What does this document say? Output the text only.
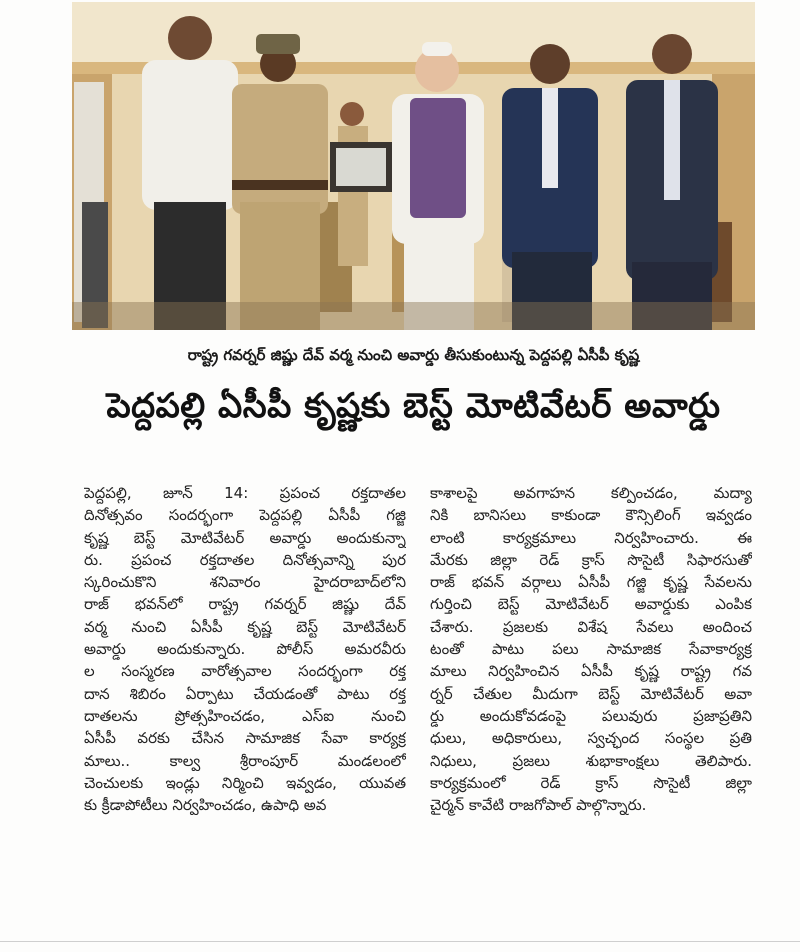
రాష్ట్ర గవర్నర్ జిష్ణు దేవ్ వర్మ నుంచి అవార్డు తీసుకుంటున్న పెద్దపల్లి ఏసీపీ కృష్ణ
పెద్దపల్లి ఏసీపీ కృష్ణకు బెస్ట్ మోటివేటర్ అవార్డు
పెద్దపల్లి, జూన్ 14: ప్రపంచ రక్తదాతల
దినోత్సవం సందర్భంగా పెద్దపల్లి ఏసీపీ గజ్జి
కృష్ణ బెస్ట్ మోటివేటర్ అవార్డు అందుకున్నా
రు. ప్రపంచ రక్తదాతల దినోత్సవాన్ని పుర
స్కరించుకొని శనివారం హైదరాబాద్‌లోని
రాజ్ భవన్‌లో రాష్ట్ర గవర్నర్ జిష్ణు దేవ్
వర్మ నుంచి ఏసీపీ కృష్ణ బెస్ట్ మోటివేటర్
అవార్డు అందుకున్నారు. పోలీస్ అమరవీరు
ల సంస్మరణ వారోత్సవాల సందర్భంగా రక్త
దాన శిబిరం ఏర్పాటు చేయడంతో పాటు రక్త
దాతలను ప్రోత్సహించడం, ఎస్ఐ నుంచి
ఏసీపీ వరకు చేసిన సామాజిక సేవా కార్యక్ర
మాలు.. కాల్వ శ్రీరాంపూర్ మండలంలో
చెంచులకు ఇండ్లు నిర్మించి ఇవ్వడం, యువత
కు క్రీడాపోటీలు నిర్వహించడం, ఉపాధి అవ
కాశాలపై అవగాహన కల్పించడం, మద్యా
నికి బానిసలు కాకుండా కౌన్సిలింగ్ ఇవ్వడం
లాంటి కార్యక్రమాలు నిర్వహించారు. ఈ
మేరకు జిల్లా రెడ్ క్రాస్ సొసైటీ సిఫారసుతో
రాజ్ భవన్ వర్గాలు ఏసీపీ గజ్జి కృష్ణ సేవలను
గుర్తించి బెస్ట్ మోటివేటర్ అవార్డుకు ఎంపిక
చేశారు. ప్రజలకు విశేష సేవలు అందించ
టంతో పాటు పలు సామాజిక సేవాకార్యక్ర
మాలు నిర్వహించిన ఏసీపీ కృష్ణ రాష్ట్ర గవ
ర్నర్ చేతుల మీదుగా బెస్ట్ మోటివేటర్ అవా
ర్డు అందుకోవడంపై పలువురు ప్రజాప్రతిని
ధులు, అధికారులు, స్వచ్ఛంద సంస్థల ప్రతి
నిధులు, ప్రజలు శుభాకాంక్షలు తెలిపారు.
కార్యక్రమంలో రెడ్ క్రాస్ సొసైటీ జిల్లా
చైర్మన్ కావేటి రాజగోపాల్ పాల్గొన్నారు.
